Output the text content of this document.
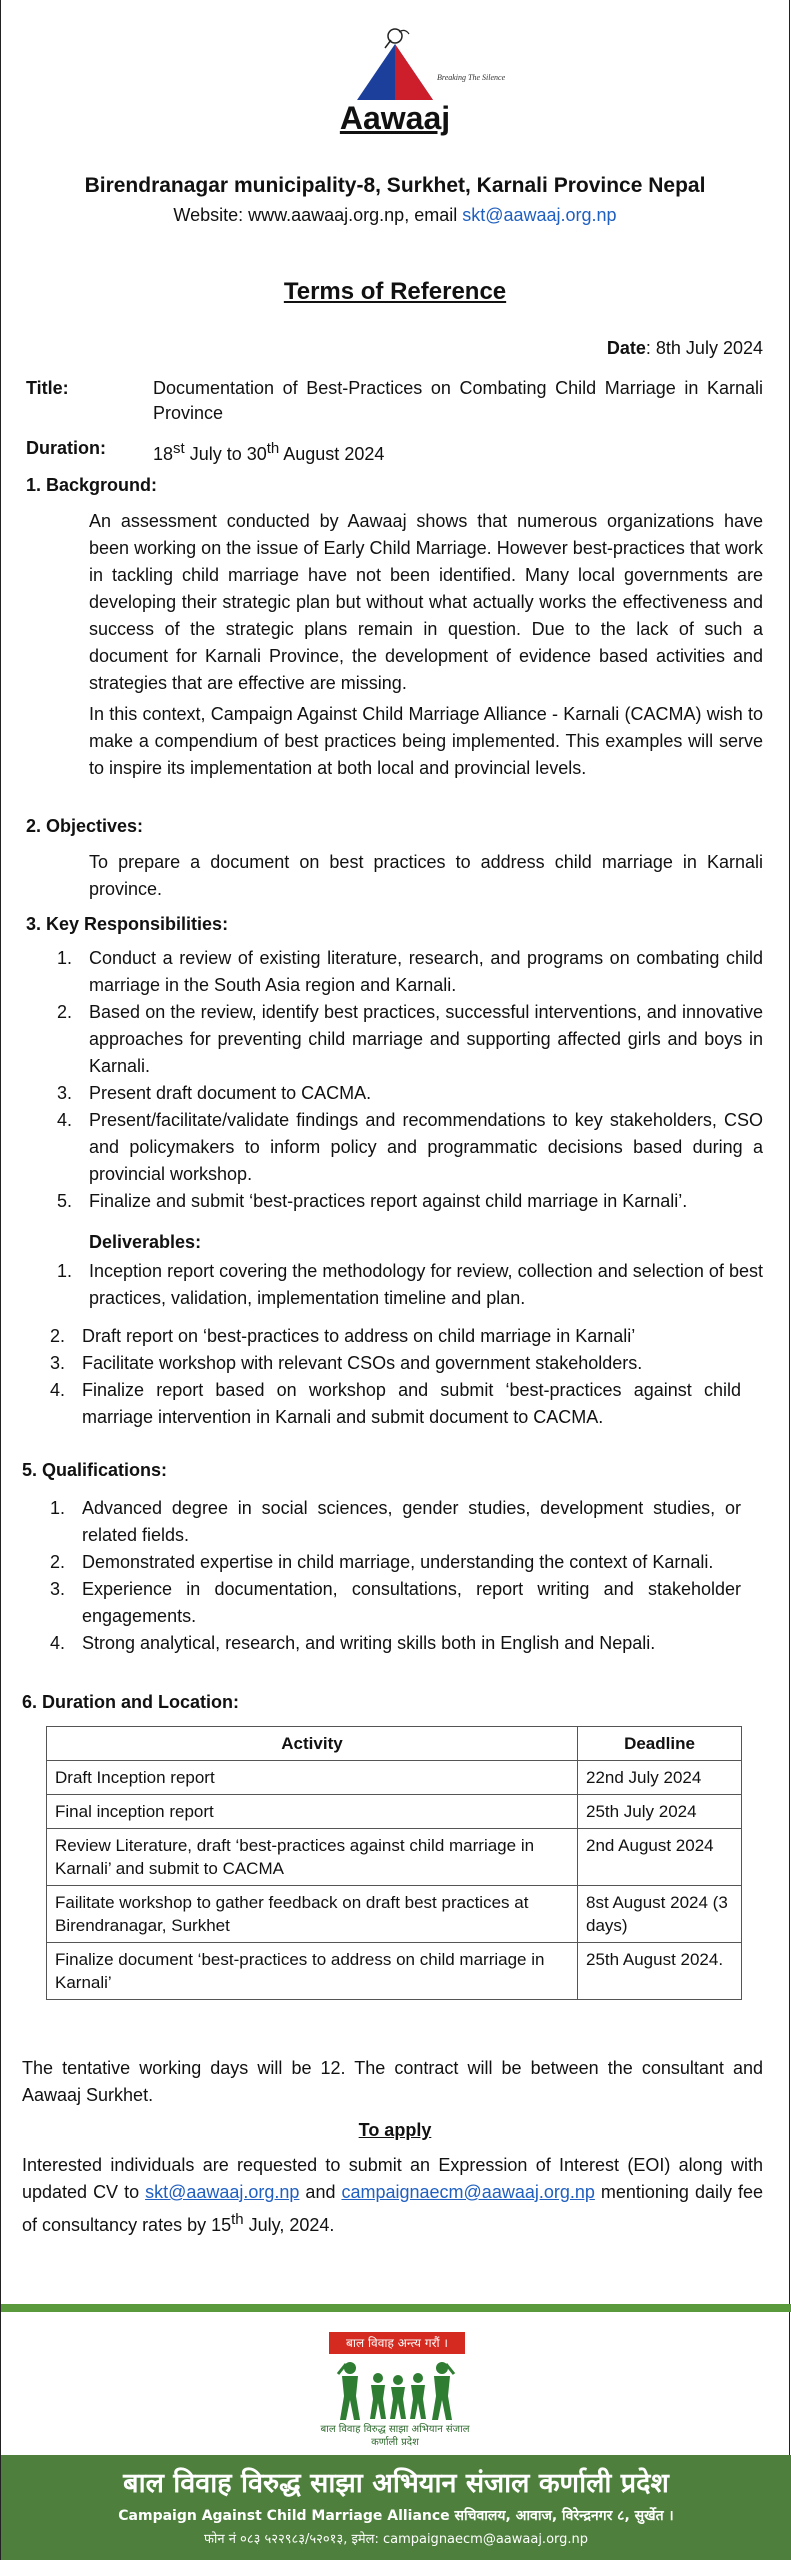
Breaking The Silence
Aawaaj
Birendranagar municipality-8, Surkhet, Karnali Province Nepal
Website: www.aawaaj.org.np, email skt@aawaaj.org.np
Terms of Reference
Date: 8th July 2024
Title:	Documentation of Best-Practices on Combating Child Marriage in Karnali Province
Duration:	18st July to 30th August 2024
1. Background:

An assessment conducted by Aawaaj shows that numerous organizations have been working on the issue of Early Child Marriage. However best-practices that work in tackling child marriage have not been identified. Many local governments are developing their strategic plan but without what actually works the effectiveness and success of the strategic plans remain in question. Due to the lack of such a document for Karnali Province, the development of evidence based activities and strategies that are effective are missing.

In this context, Campaign Against Child Marriage Alliance - Karnali (CACMA) wish to make a compendium of best practices being implemented. This examples will serve to inspire its implementation at both local and provincial levels.

2. Objectives:

To prepare a document on best practices to address child marriage in Karnali province.

3. Key Responsibilities:
1. Conduct a review of existing literature, research, and programs on combating child marriage in the South Asia region and Karnali.
2. Based on the review, identify best practices, successful interventions, and innovative approaches for preventing child marriage and supporting affected girls and boys in Karnali.
3. Present draft document to CACMA.
4. Present/facilitate/validate findings and recommendations to key stakeholders, CSO and policymakers to inform policy and programmatic decisions based during a provincial workshop.
5. Finalize and submit ‘best-practices report against child marriage in Karnali’.
Deliverables:
1. Inception report covering the methodology for review, collection and selection of best practices, validation, implementation timeline and plan.
2. Draft report on ‘best-practices to address on child marriage in Karnali’
3. Facilitate workshop with relevant CSOs and government stakeholders.
4. Finalize report based on workshop and submit ‘best-practices against child marriage intervention in Karnali and submit document to CACMA.
5. Qualifications:
1. Advanced degree in social sciences, gender studies, development studies, or related fields.
2. Demonstrated expertise in child marriage, understanding the context of Karnali.
3. Experience in documentation, consultations, report writing and stakeholder engagements.
4. Strong analytical, research, and writing skills both in English and Nepali.
6. Duration and Location:
Activity	Deadline
Draft Inception report	22nd July 2024
Final inception report	25th July 2024
Review Literature, draft ‘best-practices against child marriage in Karnali’ and submit to CACMA	2nd August 2024
Failitate workshop to gather feedback on draft best practices at Birendranagar, Surkhet	8st August 2024 (3 days)
Finalize document ‘best-practices to address on child marriage in Karnali’	25th August 2024.
The tentative working days will be 12. The contract will be between the consultant and Aawaaj Surkhet.
To apply
Interested individuals are requested to submit an Expression of Interest (EOI) along with updated CV to skt@aawaaj.org.np and campaignaecm@aawaaj.org.np mentioning daily fee of consultancy rates by 15th July, 2024.
बाल विवाह अन्त्य गरौं ।
बाल विवाह विरुद्ध साझा अभियान संजाल
कर्णाली प्रदेश
बाल विवाह विरुद्ध साझा अभियान संजाल कर्णाली प्रदेश
Campaign Against Child Marriage Alliance सचिवालय, आवाज, विरेन्द्रनगर ८, सुर्खेत ।
फोन नं ०८३ ५२२९८३/५२०१३, इमेल: campaignaecm@aawaaj.org.np
